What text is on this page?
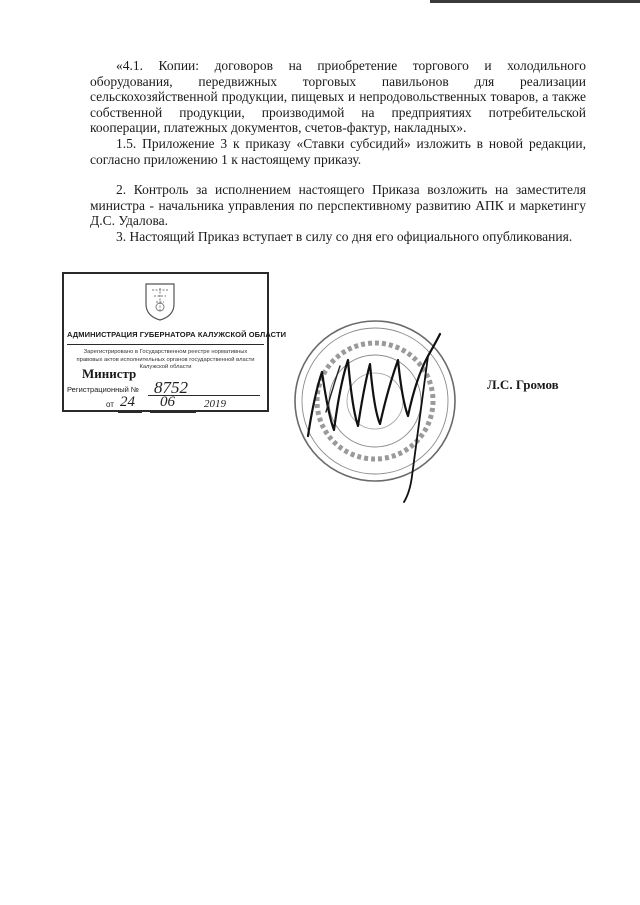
«4.1. Копии: договоров на приобретение торгового и холодильного оборудования, передвижных торговых павильонов для реализации сельскохозяйственной продукции, пищевых и непродовольственных товаров, а также собственной продукции, производимой на предприятиях потребительской кооперации, платежных документов, счетов-фактур, накладных».

1.5. Приложение 3 к приказу «Ставки субсидий» изложить в новой редакции, согласно приложению 1 к настоящему приказу.

2. Контроль за исполнением настоящего Приказа возложить на заместителя министра - начальника управления по перспективному развитию АПК и маркетингу Д.С. Удалова.

3. Настоящий Приказ вступает в силу со дня его официального опубликования.

АДМИНИСТРАЦИЯ ГУБЕРНАТОРА КАЛУЖСКОЙ ОБЛАСТИ
Зарегистрировано в Государственном реестре нормативных правовых актов исполнительных органов государственной власти Калужской области
Регистрационный № 8752
от 24 06	2019
Министр
Л.С. Громов
